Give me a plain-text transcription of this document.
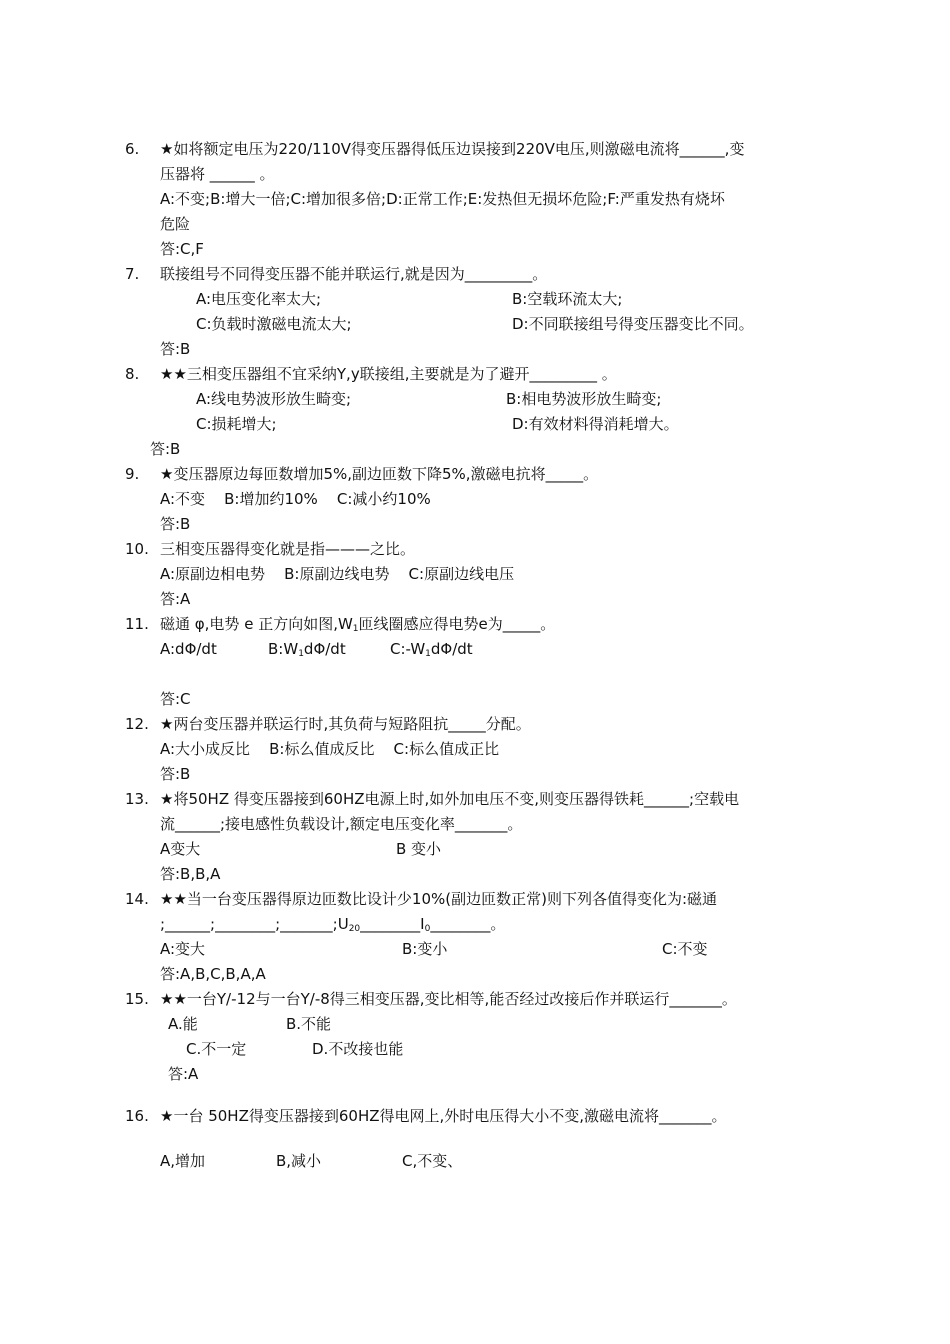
6. ★如将额定电压为220/110V得变压器得低压边误接到220V电压,则激磁电流将______,变
压器将 ______ 。
A:不变;B:增大一倍;C:增加很多倍;D:正常工作;E:发热但无损坏危险;F:严重发热有烧坏
危险
答:C,F
7. 联接组号不同得变压器不能并联运行,就是因为_________。
A:电压变化率太大;	B:空载环流太大;
C:负载时激磁电流太大;	D:不同联接组号得变压器变比不同。
答:B
8. ★★三相变压器组不宜采纳Y,y联接组,主要就是为了避开_________ 。
A:线电势波形放生畸变;	B:相电势波形放生畸变;
C:损耗增大;	D:有效材料得消耗增大。
答:B
9. ★变压器原边每匝数增加5%,副边匝数下降5%,激磁电抗将_____。
A:不变    B:增加约10%    C:减小约10%
答:B
10. 三相变压器得变化就是指———之比。
A:原副边相电势    B:原副边线电势    C:原副边线电压
答:A
11. 磁通 φ,电势 e 正方向如图$,W_1$匝线圈感应得电势e为_____。
A:dΦ/dt	$B:W_1d\Phi/dt$	$C:-W_1d\Phi/dt$
答:C
12. ★两台变压器并联运行时,其负荷与短路阻抗_____分配。
A:大小成反比    B:标么值成反比    C:标么值成正比
答:B
13. ★将50HZ 得变压器接到60HZ电源上时,如外加电压不变,则变压器得铁耗______;空载电
流______;接电感性负载设计,额定电压变化率_______。
A变大	B 变小
答:B,B,A
14. ★★当一台变压器得原边匝数比设计少10%(副边匝数正常)则下列各值得变化为:磁通
$;\_\_\_\_\_\_;\_\_\_\_\_\_\_\_;\_\_\_\_\_\_\_;U_{20}\_\_\_\_\_\_\_\_I_0\_\_\_\_\_\_\_\_$。
A:变大	B:变小	C:不变
答:A,B,C,B,A,A
15. ★★一台Y/-12与一台Y/-8得三相变压器,变比相等,能否经过改接后作并联运行_______。
A.能	B.不能
C.不一定	D.不改接也能
答:A
16. ★一台 50HZ得变压器接到60HZ得电网上,外时电压得大小不变,激磁电流将_______。
A,增加	B,减小	C,不变、
